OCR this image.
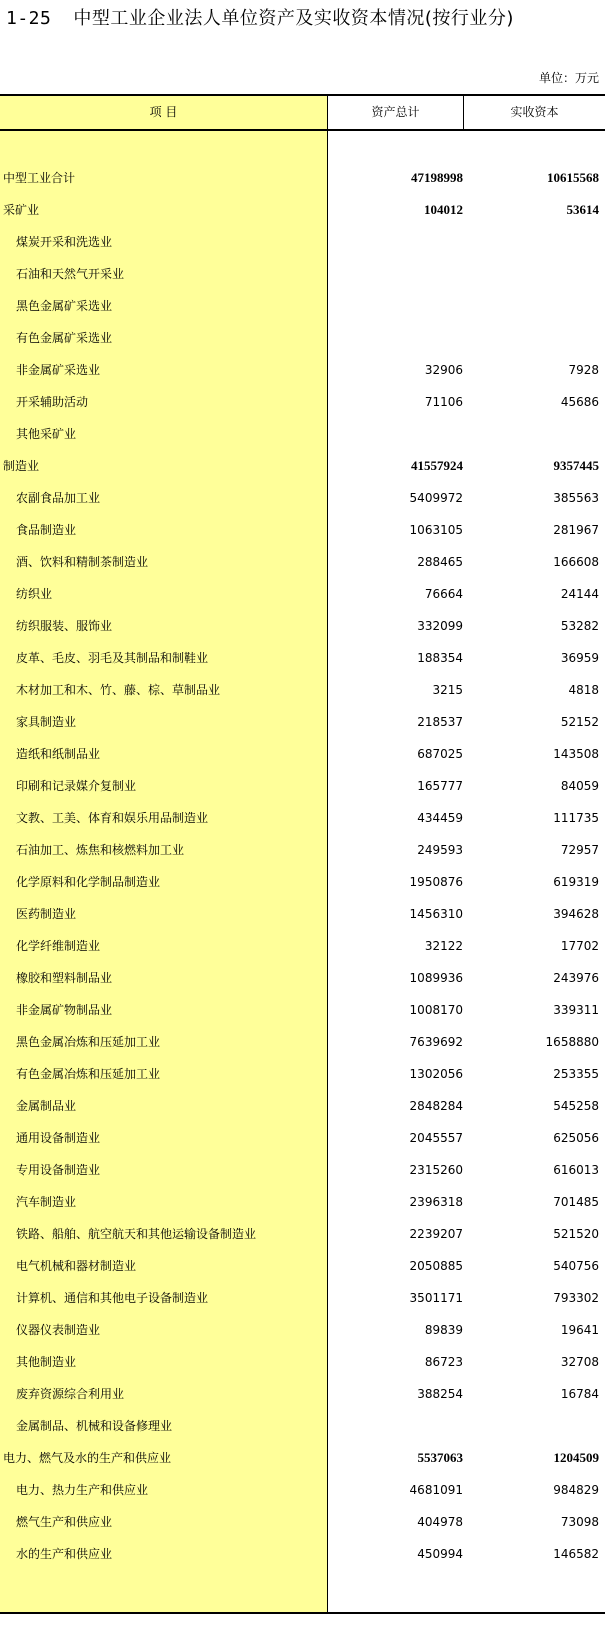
1-25 中型工业企业法人单位资产及实收资本情况(按行业分)
单位：万元
项 目	资产总计	实收资本
中型工业合计	47198998	10615568
采矿业	104012	53614
煤炭开采和洗选业
石油和天然气开采业
黑色金属矿采选业
有色金属矿采选业
非金属矿采选业	32906	7928
开采辅助活动	71106	45686
其他采矿业
制造业	41557924	9357445
农副食品加工业	5409972	385563
食品制造业	1063105	281967
酒、饮料和精制茶制造业	288465	166608
纺织业	76664	24144
纺织服装、服饰业	332099	53282
皮革、毛皮、羽毛及其制品和制鞋业	188354	36959
木材加工和木、竹、藤、棕、草制品业	3215	4818
家具制造业	218537	52152
造纸和纸制品业	687025	143508
印刷和记录媒介复制业	165777	84059
文教、工美、体育和娱乐用品制造业	434459	111735
石油加工、炼焦和核燃料加工业	249593	72957
化学原料和化学制品制造业	1950876	619319
医药制造业	1456310	394628
化学纤维制造业	32122	17702
橡胶和塑料制品业	1089936	243976
非金属矿物制品业	1008170	339311
黑色金属冶炼和压延加工业	7639692	1658880
有色金属冶炼和压延加工业	1302056	253355
金属制品业	2848284	545258
通用设备制造业	2045557	625056
专用设备制造业	2315260	616013
汽车制造业	2396318	701485
铁路、船舶、航空航天和其他运输设备制造业	2239207	521520
电气机械和器材制造业	2050885	540756
计算机、通信和其他电子设备制造业	3501171	793302
仪器仪表制造业	89839	19641
其他制造业	86723	32708
废弃资源综合利用业	388254	16784
金属制品、机械和设备修理业
电力、燃气及水的生产和供应业	5537063	1204509
电力、热力生产和供应业	4681091	984829
燃气生产和供应业	404978	73098
水的生产和供应业	450994	146582
